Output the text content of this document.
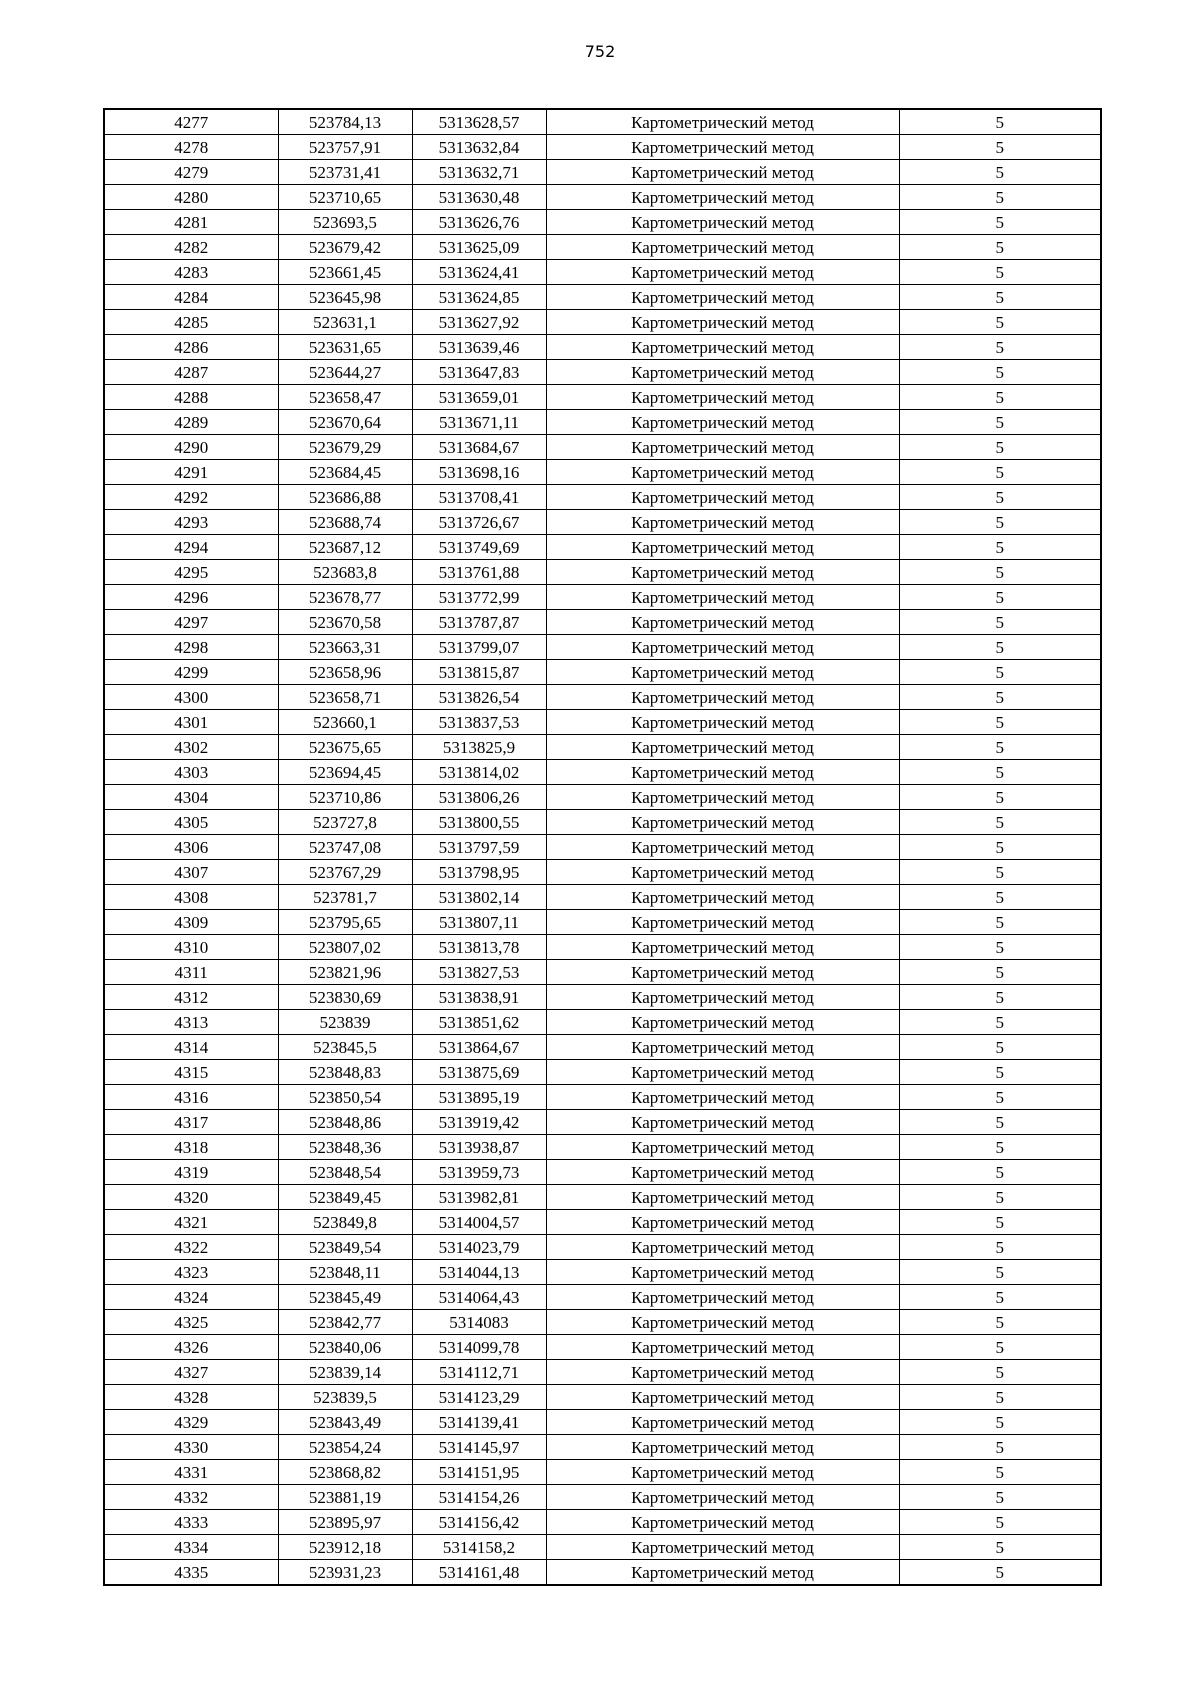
752
4277	523784,13	5313628,57	Картометрический метод	5
4278	523757,91	5313632,84	Картометрический метод	5
4279	523731,41	5313632,71	Картометрический метод	5
4280	523710,65	5313630,48	Картометрический метод	5
4281	523693,5	5313626,76	Картометрический метод	5
4282	523679,42	5313625,09	Картометрический метод	5
4283	523661,45	5313624,41	Картометрический метод	5
4284	523645,98	5313624,85	Картометрический метод	5
4285	523631,1	5313627,92	Картометрический метод	5
4286	523631,65	5313639,46	Картометрический метод	5
4287	523644,27	5313647,83	Картометрический метод	5
4288	523658,47	5313659,01	Картометрический метод	5
4289	523670,64	5313671,11	Картометрический метод	5
4290	523679,29	5313684,67	Картометрический метод	5
4291	523684,45	5313698,16	Картометрический метод	5
4292	523686,88	5313708,41	Картометрический метод	5
4293	523688,74	5313726,67	Картометрический метод	5
4294	523687,12	5313749,69	Картометрический метод	5
4295	523683,8	5313761,88	Картометрический метод	5
4296	523678,77	5313772,99	Картометрический метод	5
4297	523670,58	5313787,87	Картометрический метод	5
4298	523663,31	5313799,07	Картометрический метод	5
4299	523658,96	5313815,87	Картометрический метод	5
4300	523658,71	5313826,54	Картометрический метод	5
4301	523660,1	5313837,53	Картометрический метод	5
4302	523675,65	5313825,9	Картометрический метод	5
4303	523694,45	5313814,02	Картометрический метод	5
4304	523710,86	5313806,26	Картометрический метод	5
4305	523727,8	5313800,55	Картометрический метод	5
4306	523747,08	5313797,59	Картометрический метод	5
4307	523767,29	5313798,95	Картометрический метод	5
4308	523781,7	5313802,14	Картометрический метод	5
4309	523795,65	5313807,11	Картометрический метод	5
4310	523807,02	5313813,78	Картометрический метод	5
4311	523821,96	5313827,53	Картометрический метод	5
4312	523830,69	5313838,91	Картометрический метод	5
4313	523839	5313851,62	Картометрический метод	5
4314	523845,5	5313864,67	Картометрический метод	5
4315	523848,83	5313875,69	Картометрический метод	5
4316	523850,54	5313895,19	Картометрический метод	5
4317	523848,86	5313919,42	Картометрический метод	5
4318	523848,36	5313938,87	Картометрический метод	5
4319	523848,54	5313959,73	Картометрический метод	5
4320	523849,45	5313982,81	Картометрический метод	5
4321	523849,8	5314004,57	Картометрический метод	5
4322	523849,54	5314023,79	Картометрический метод	5
4323	523848,11	5314044,13	Картометрический метод	5
4324	523845,49	5314064,43	Картометрический метод	5
4325	523842,77	5314083	Картометрический метод	5
4326	523840,06	5314099,78	Картометрический метод	5
4327	523839,14	5314112,71	Картометрический метод	5
4328	523839,5	5314123,29	Картометрический метод	5
4329	523843,49	5314139,41	Картометрический метод	5
4330	523854,24	5314145,97	Картометрический метод	5
4331	523868,82	5314151,95	Картометрический метод	5
4332	523881,19	5314154,26	Картометрический метод	5
4333	523895,97	5314156,42	Картометрический метод	5
4334	523912,18	5314158,2	Картометрический метод	5
4335	523931,23	5314161,48	Картометрический метод	5
